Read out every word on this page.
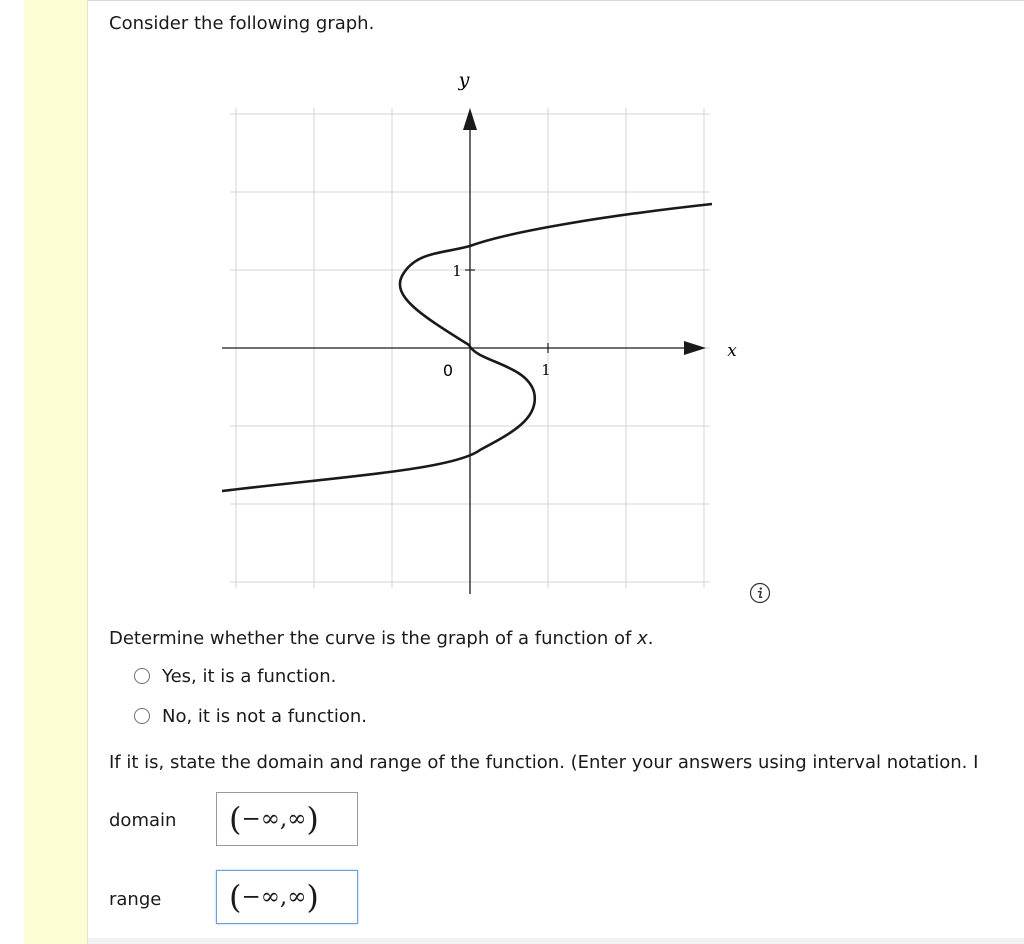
Consider the following graph.
y
x
0	1
1
Determine whether the curve is the graph of a function of x.
Yes, it is a function.
No, it is not a function.
If it is, state the domain and range of the function. (Enter your answers using interval notation. I
domain ( −∞,∞ )
range ( −∞,∞ )
